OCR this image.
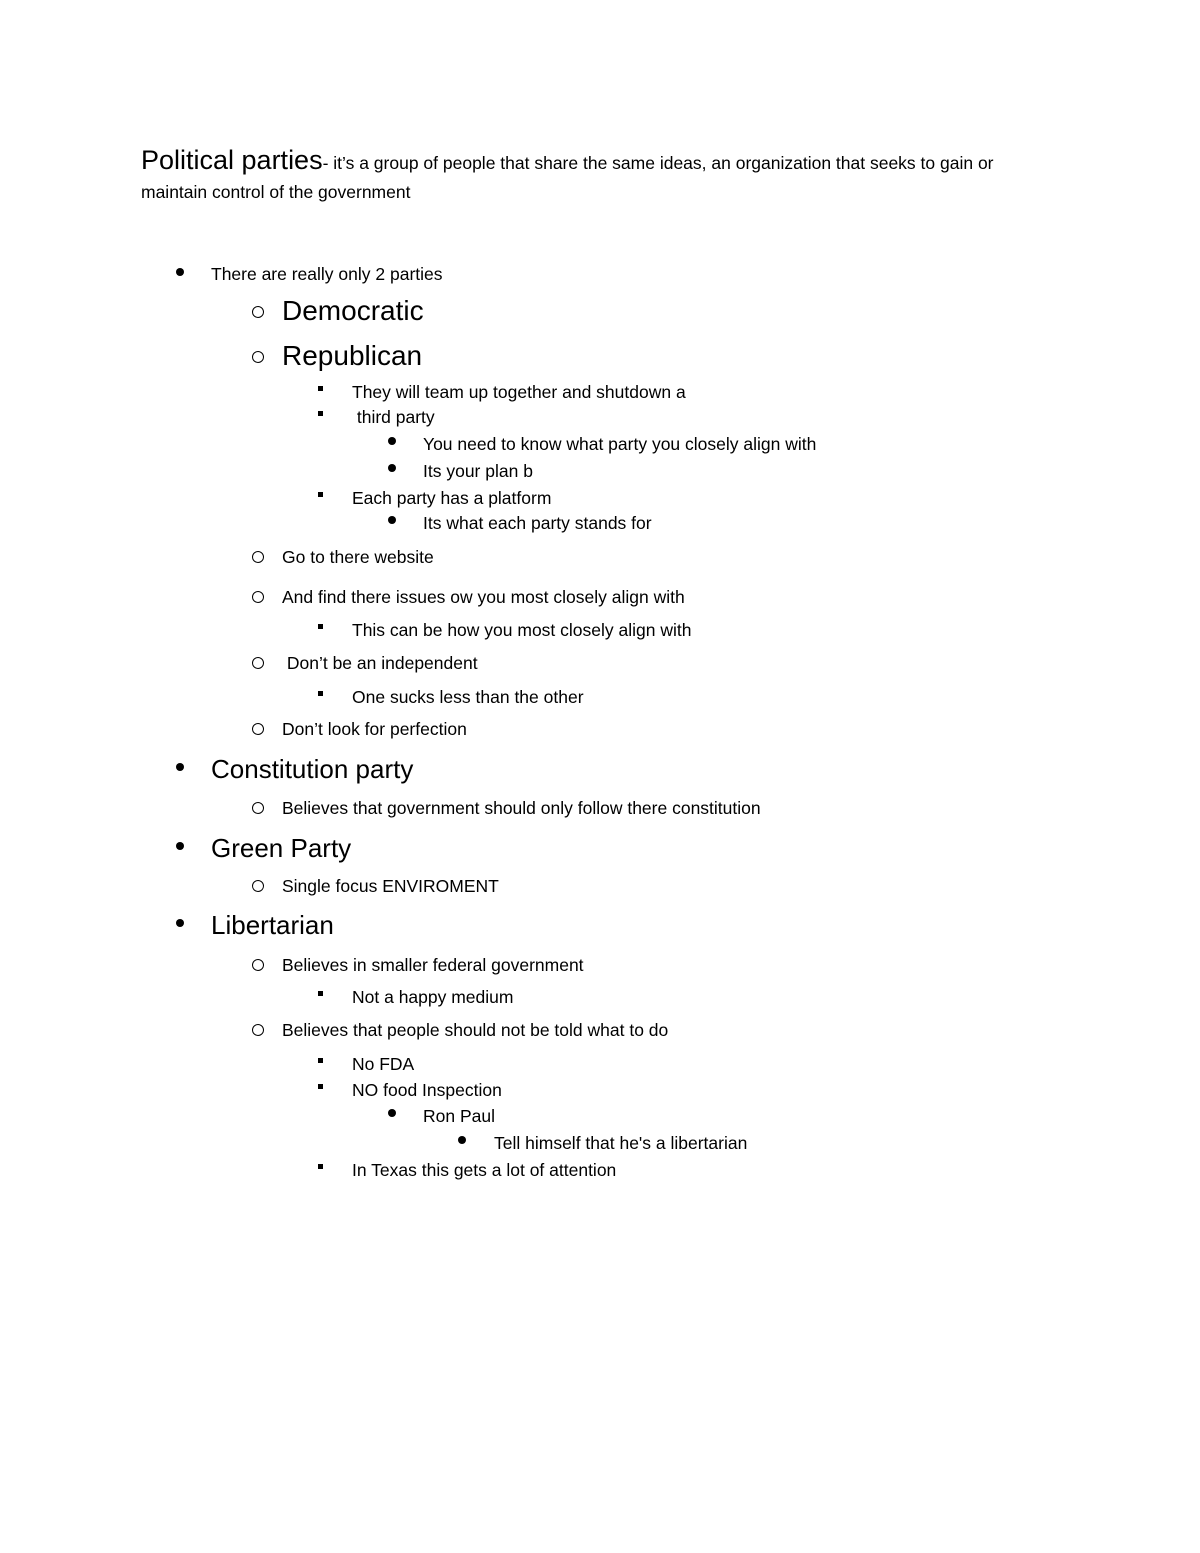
Political parties- it’s a group of people that share the same ideas, an organization that seeks to gain or maintain control of the government
There are really only 2 parties
Democratic
Republican
They will team up together and shutdown a
third party
You need to know what party you closely align with
Its your plan b
Each party has a platform
Its what each party stands for
Go to there website
And find there issues ow you most closely align with
This can be how you most closely align with
Don’t be an independent
One sucks less than the other
Don’t look for perfection
Constitution party
Believes that government should only follow there constitution
Green Party
Single focus ENVIROMENT
Libertarian
Believes in smaller federal government
Not a happy medium
Believes that people should not be told what to do
No FDA
NO food Inspection
Ron Paul
Tell himself that he's a libertarian
In Texas this gets a lot of attention
